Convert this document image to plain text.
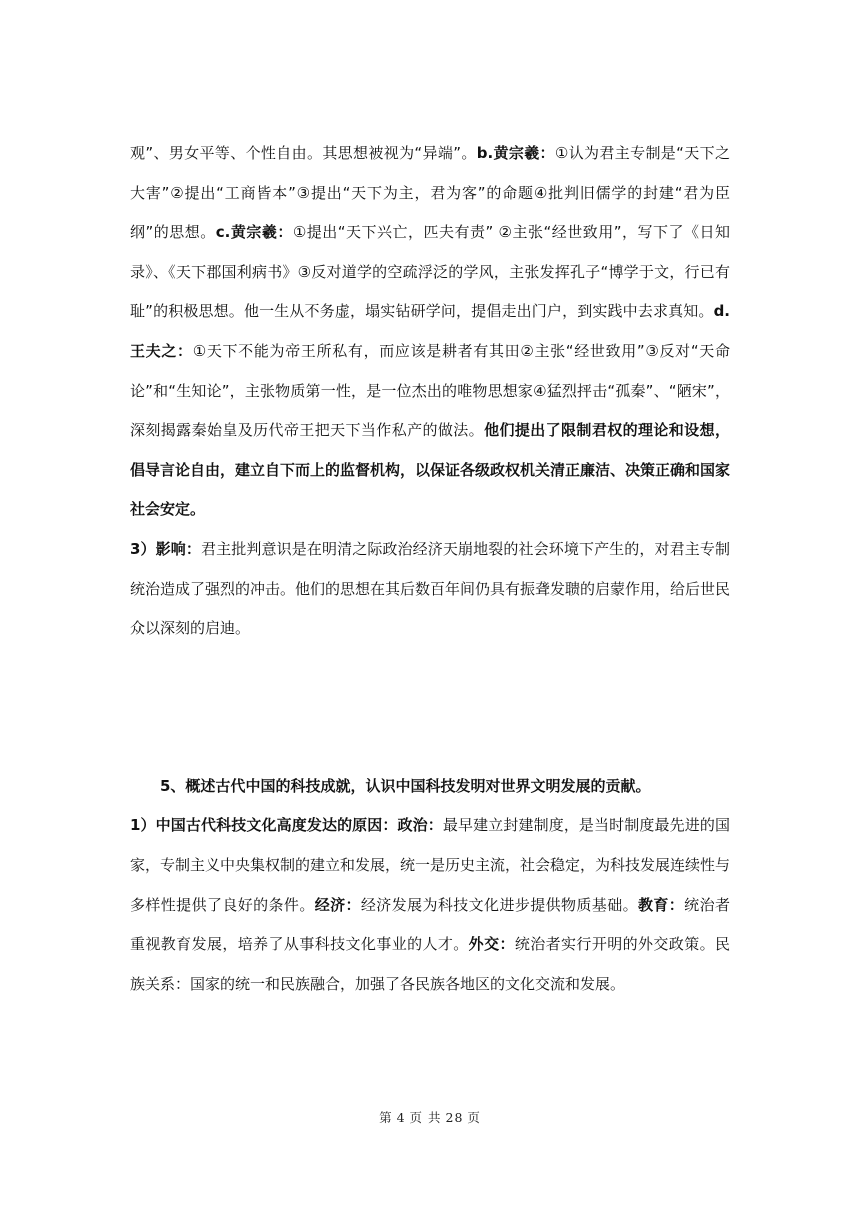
观”、男女平等、个性自由。其思想被视为“异端”。b.黄宗羲：①认为君主专制是“天下之大害”②提出“工商皆本”③提出“天下为主，君为客”的命题④批判旧儒学的封建“君为臣纲”的思想。c.黄宗羲：①提出“天下兴亡，匹夫有责” ②主张“经世致用”，写下了《日知录》、《天下郡国利病书》③反对道学的空疏浮泛的学风，主张发挥孔子“博学于文，行已有耻”的积极思想。他一生从不务虚，塌实钻研学问，提倡走出门户，到实践中去求真知。d.王夫之：①天下不能为帝王所私有，而应该是耕者有其田②主张“经世致用”③反对“天命论”和“生知论”，主张物质第一性，是一位杰出的唯物思想家④猛烈抨击“孤秦”、“陋宋”，深刻揭露秦始皇及历代帝王把天下当作私产的做法。他们提出了限制君权的理论和设想，倡导言论自由，建立自下而上的监督机构，以保证各级政权机关清正廉洁、决策正确和国家社会安定。

3）影响：君主批判意识是在明清之际政治经济天崩地裂的社会环境下产生的，对君主专制统治造成了强烈的冲击。他们的思想在其后数百年间仍具有振聋发聩的启蒙作用，给后世民众以深刻的启迪。

5、概述古代中国的科技成就，认识中国科技发明对世界文明发展的贡献。

1）中国古代科技文化高度发达的原因：政治：最早建立封建制度，是当时制度最先进的国家，专制主义中央集权制的建立和发展，统一是历史主流，社会稳定，为科技发展连续性与多样性提供了良好的条件。经济：经济发展为科技文化进步提供物质基础。教育：统治者重视教育发展，培养了从事科技文化事业的人才。外交：统治者实行开明的外交政策。民族关系：国家的统一和民族融合，加强了各民族各地区的文化交流和发展。

第 4 页 共 28 页
